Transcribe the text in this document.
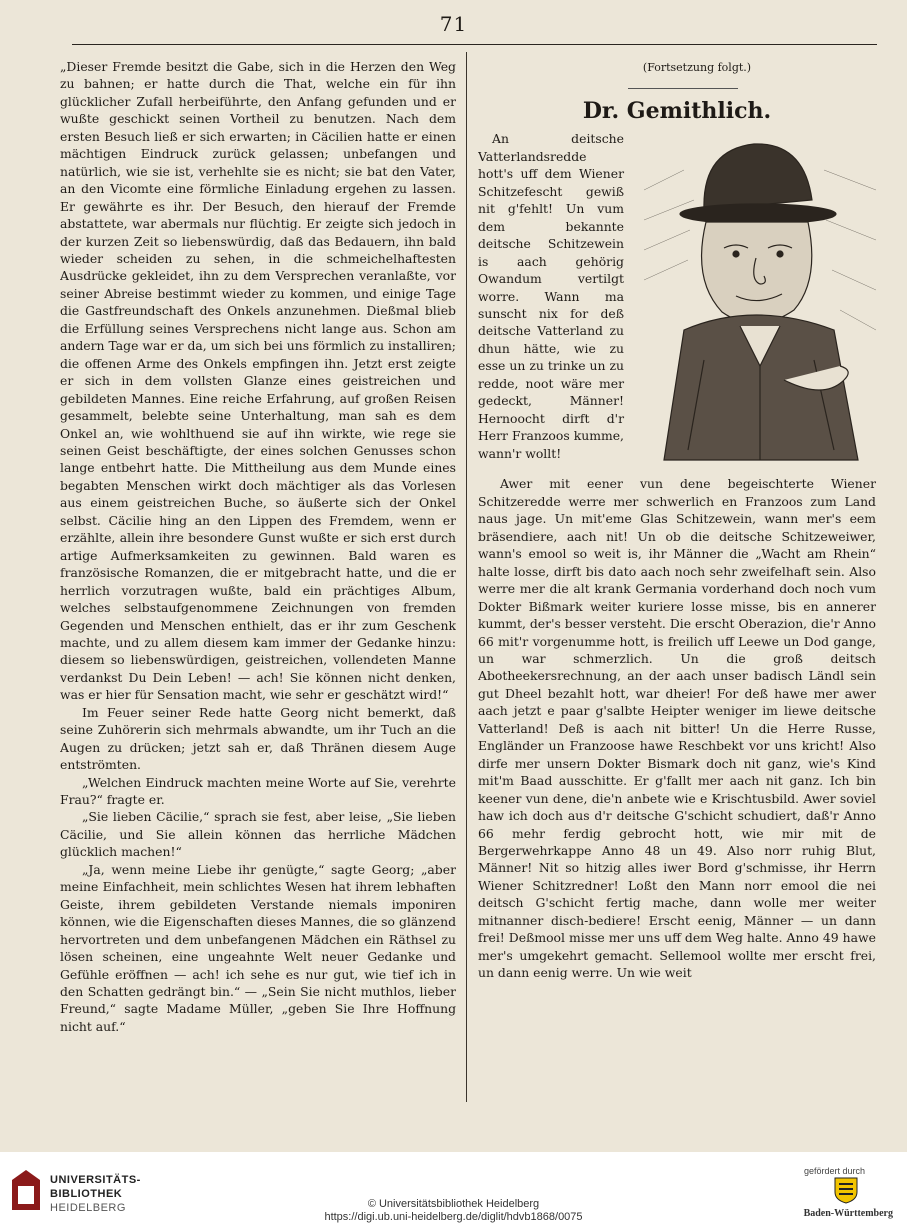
71

„Dieser Fremde besitzt die Gabe, sich in die Herzen den Weg zu bahnen; er hatte durch die That, welche ein für ihn glücklicher Zufall herbeiführte, den Anfang gefunden und er wußte geschickt seinen Vortheil zu benutzen. Nach dem ersten Besuch ließ er sich erwarten; in Cäcilien hatte er einen mächtigen Eindruck zurück gelassen; unbefangen und natürlich, wie sie ist, verhehlte sie es nicht; sie bat den Vater, an den Vicomte eine förmliche Einladung ergehen zu lassen. Er gewährte es ihr. Der Besuch, den hierauf der Fremde abstattete, war abermals nur flüchtig. Er zeigte sich jedoch in der kurzen Zeit so liebenswürdig, daß das Bedauern, ihn bald wieder scheiden zu sehen, in die schmeichelhaftesten Ausdrücke gekleidet, ihn zu dem Versprechen veranlaßte, vor seiner Abreise bestimmt wieder zu kommen, und einige Tage die Gastfreundschaft des Onkels anzunehmen. Dießmal blieb die Erfüllung seines Versprechens nicht lange aus. Schon am andern Tage war er da, um sich bei uns förmlich zu installiren; die offenen Arme des Onkels empfingen ihn. Jetzt erst zeigte er sich in dem vollsten Glanze eines geistreichen und gebildeten Mannes. Eine reiche Erfahrung, auf großen Reisen gesammelt, belebte seine Unterhaltung, man sah es dem Onkel an, wie wohlthuend sie auf ihn wirkte, wie rege sie seinen Geist beschäftigte, der eines solchen Genusses schon lange entbehrt hatte. Die Mittheilung aus dem Munde eines begabten Menschen wirkt doch mächtiger als das Vorlesen aus einem geistreichen Buche, so äußerte sich der Onkel selbst. Cäcilie hing an den Lippen des Fremdem, wenn er erzählte, allein ihre besondere Gunst wußte er sich erst durch artige Aufmerksamkeiten zu gewinnen. Bald waren es französische Romanzen, die er mitgebracht hatte, und die er herrlich vorzutragen wußte, bald ein prächtiges Album, welches selbstaufgenommene Zeichnungen von fremden Gegenden und Menschen enthielt, das er ihr zum Geschenk machte, und zu allem diesem kam immer der Gedanke hinzu: diesem so liebenswürdigen, geistreichen, vollendeten Manne verdankst Du Dein Leben! — ach! Sie können nicht denken, was er hier für Sensation macht, wie sehr er geschätzt wird!“

Im Feuer seiner Rede hatte Georg nicht bemerkt, daß seine Zuhörerin sich mehrmals abwandte, um ihr Tuch an die Augen zu drücken; jetzt sah er, daß Thränen diesem Auge entströmten.

„Welchen Eindruck machten meine Worte auf Sie, verehrte Frau?“ fragte er.

„Sie lieben Cäcilie,“ sprach sie fest, aber leise, „Sie lieben Cäcilie, und Sie allein können das herrliche Mädchen glücklich machen!“

„Ja, wenn meine Liebe ihr genügte,“ sagte Georg; „aber meine Einfachheit, mein schlichtes Wesen hat ihrem lebhaften Geiste, ihrem gebildeten Verstande niemals imponiren können, wie die Eigenschaften dieses Mannes, die so glänzend hervortreten und dem unbefangenen Mädchen ein Räthsel zu lösen scheinen, eine ungeahnte Welt neuer Gedanke und Gefühle eröffnen — ach! ich sehe es nur gut, wie tief ich in den Schatten gedrängt bin.“ — „Sein Sie nicht muthlos, lieber Freund,“ sagte Madame Müller, „geben Sie Ihre Hoffnung nicht auf.“

(Fortsetzung folgt.)
Dr. Gemithlich.

An deitsche Vatterlandsredde hott's uff dem Wiener Schitzefescht gewiß nit g'fehlt! Un vum dem bekannte deitsche Schitzewein is aach gehörig Owandum vertilgt worre. Wann ma sunscht nix for deß deitsche Vatterland zu dhun hätte, wie zu esse un zu trinke un zu redde, noot wäre mer gedeckt, Männer! Hernoocht dirft d'r Herr Franzoos kumme, wann'r wollt!

Awer mit eener vun dene begeischterte Wiener Schitzeredde werre mer schwerlich en Franzoos zum Land naus jage. Un mit'eme Glas Schitzewein, wann mer's eem bräsendiere, aach nit! Un ob die deitsche Schitzeweiwer, wann's emool so weit is, ihr Männer die „Wacht am Rhein“ halte losse, dirft bis dato aach noch sehr zweifelhaft sein. Also werre mer die alt krank Germania vorderhand doch noch vum Dokter Bißmark weiter kuriere losse misse, bis en annerer kummt, der's besser versteht. Die erscht Oberazion, die'r Anno 66 mit'r vorgenumme hott, is freilich uff Leewe un Dod gange, un war schmerzlich. Un die groß deitsch Abotheekersrechnung, an der aach unser badisch Ländl sein gut Dheel bezahlt hott, war dheier! For deß hawe mer awer aach jetzt e paar g'salbte Heipter weniger im liewe deitsche Vatterland! Deß is aach nit bitter! Un die Herre Russe, Engländer un Franzoose hawe Reschbekt vor uns kricht! Also dirfe mer unsern Dokter Bismark doch nit ganz, wie's Kind mit'm Baad ausschitte. Er g'fallt mer aach nit ganz. Ich bin keener vun dene, die'n anbete wie e Krischtusbild. Awer soviel haw ich doch aus d'r deitsche G'schicht schudiert, daß'r Anno 66 mehr ferdig gebrocht hott, wie mir mit de Bergerwehrkappe Anno 48 un 49. Also norr ruhig Blut, Männer! Nit so hitzig alles iwer Bord g'schmisse, ihr Herrn Wiener Schitzredner! Loßt den Mann norr emool die nei deitsch G'schicht fertig mache, dann wolle mer weiter mitnanner disch-bediere! Erscht eenig, Männer — un dann frei! Deßmool misse mer uns uff dem Weg halte. Anno 49 hawe mer's umgekehrt gemacht. Sellemool wollte mer erscht frei, un dann eenig werre. Un wie weit

UNIVERSITÄTS-
BIBLIOTHEK
HEIDELBERG	© Universitätsbibliothek Heidelberg
https://digi.ub.uni-heidelberg.de/diglit/hdvb1868/0075
gefördert durch
Baden-Württemberg
